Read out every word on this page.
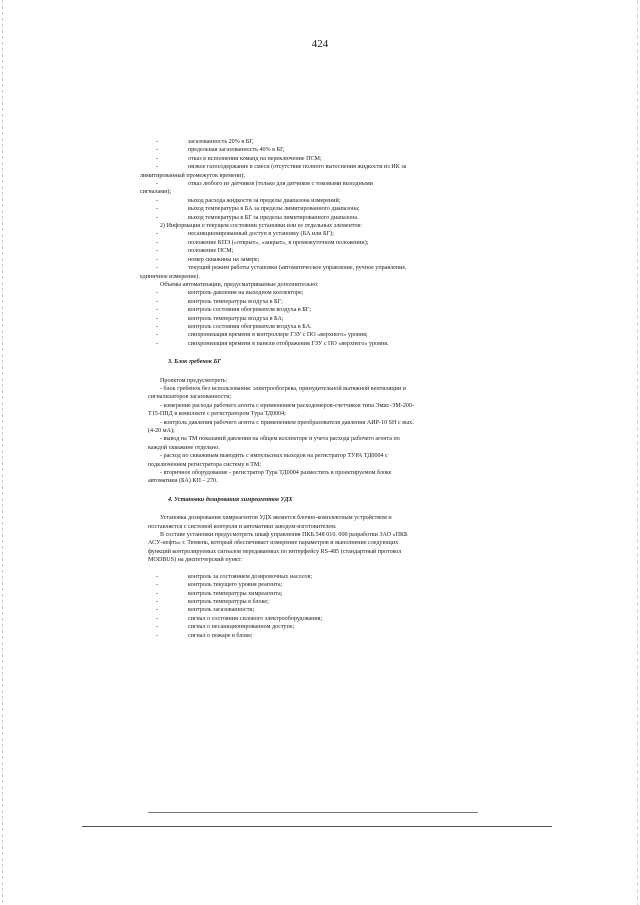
424
-	загазованность 20% в БГ,
-	предельная загазованность 40% в БГ,
-	отказ в исполнении команд на переключение ПСМ;
-	низкое газосодержание в смеси (отсутствие полного вытеснения жидкости из ИК за
лимитированный промежуток времени);
-	отказ любого из датчиков (только для датчиков с токовыми выходными
сигналами);
-	выход расхода жидкости за пределы диапазона измерений;
-	выход температуры в БА за пределы лимитированного диапазона;
-	выход температуры в БГ за пределы лимитированного диапазона.
2) Информация о текущем состоянии установки или ее отдельных элементов:
-	несанкционированный доступ в установку (БА или БГ);
-	положение КПЭ («открыт», «закрыт», в промежуточном положении);
-	положение ПСМ;
-	номер скважины на замере;
-	текущий режим работы установки (автоматическое управление, ручное управление,
единичное измерение).
Объемы автоматизации, предусматриваемые дополнительно:
-	контроль давления на выходном коллекторе;
-	контроль температуры воздуха в БГ;
-	контроль состояния обогревателя воздуха в БГ;
-	контроль температуры воздуха в БА;
-	контроль состояния обогревателя воздуха в БА.
-	синхронизация времени в контроллере ГЗУ с ПО «верхнего» уровня;
-	синхронизация времени в панели отображения ГЗУ с ПО «верхнего» уровня.
3. Блок гребенок БГ
Проектом предусмотреть:
- блок гребенок без использования: электрообогрева, принудительной вытяжной вентиляции и
сигнализаторов загазованности;
- измерение расхода рабочего агента с применением расходомеров-счетчиков типа Эмис-ЭМ-200-
Т15-ППД в комплекте с регистратором Тура ТД0004;
- контроль давления рабочего агента с применением преобразователя давления АИР-10 SH с вых.
(4-20 мА);
- вывод на ТМ показаний давления на общем коллекторе и учета расхода рабочего агента по
каждой скважине отдельно.
- расход по скважинам выводить с импульсных выходов на регистратор ТУРА ТД0004 с
подключением регистратора систему в ТМ;
- вторичное оборудование - регистратор Тура ТД0004 разместить в проектируемом блоке
автоматики (БА) КП – 270.
4. Установки дозирования химреагентов УДХ
Установка дозирования химреагентов УДХ является блочно-комплектным устройством и
поставляется с системой контроля и автоматики заводом-изготовителем.
В составе установки предусмотреть шкаф управления ПКБ.548 010. 000 разработки ЗАО «ПКБ
АСУ-нефть» г. Тюмень, который обеспечивает измерение параметров и выполнение следующих
функций контролируемых сигналов передаваемых по интерфейсу RS-485 (стандартный протокол
MODBUS) на диспетчерский пункт:
-	контроль за состоянием дозировочных насосов;
-	контроль текущего уровня реагента;
-	контроль температуры химреагента;
-	контроль температуры в блоке;
-	контроль загазованности;
-	сигнал о состоянии силового электрооборудования;
-	сигнал о несанкционированном доступе;
-	сигнал о пожаре в блоке;
